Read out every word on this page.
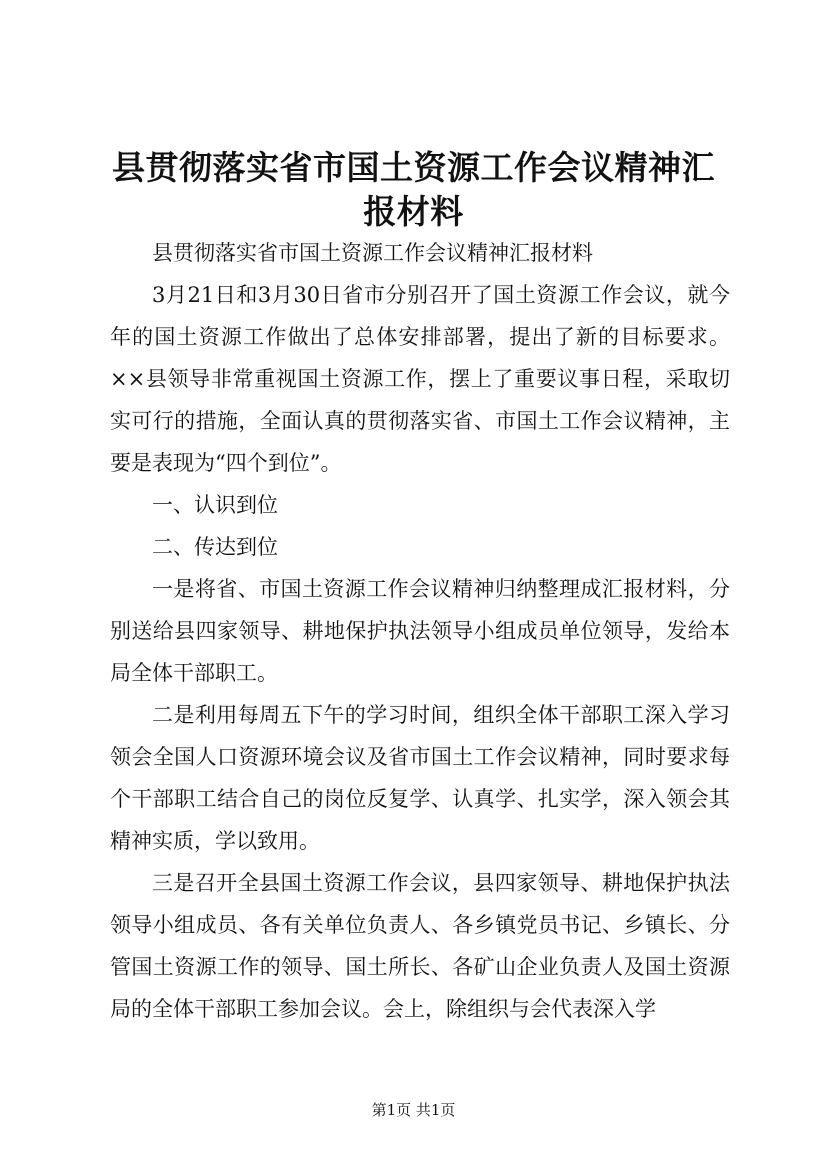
县贯彻落实省市国土资源工作会议精神汇报材料

县贯彻落实省市国土资源工作会议精神汇报材料

3月21日和3月30日省市分别召开了国土资源工作会议，就今年的国土资源工作做出了总体安排部署，提出了新的目标要求。××县领导非常重视国土资源工作，摆上了重要议事日程，采取切实可行的措施，全面认真的贯彻落实省、市国土工作会议精神，主要是表现为“四个到位”。

一、认识到位

二、传达到位

一是将省、市国土资源工作会议精神归纳整理成汇报材料，分别送给县四家领导、耕地保护执法领导小组成员单位领导，发给本局全体干部职工。

二是利用每周五下午的学习时间，组织全体干部职工深入学习领会全国人口资源环境会议及省市国土工作会议精神，同时要求每个干部职工结合自己的岗位反复学、认真学、扎实学，深入领会其精神实质，学以致用。

三是召开全县国土资源工作会议，县四家领导、耕地保护执法领导小组成员、各有关单位负责人、各乡镇党员书记、乡镇长、分管国土资源工作的领导、国土所长、各矿山企业负责人及国土资源局的全体干部职工参加会议。会上，除组织与会代表深入学

第1页 共1页
